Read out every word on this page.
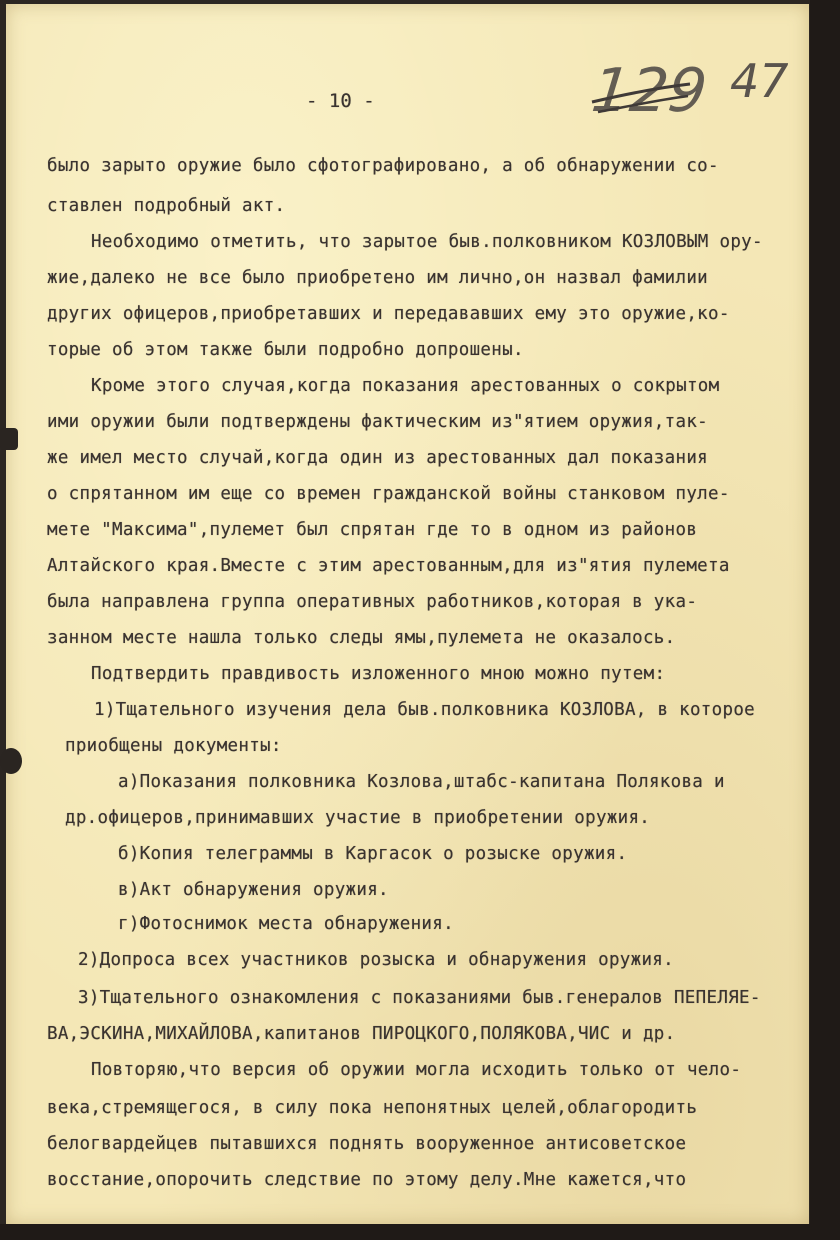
- 10 -	129 47
было зарыто оружие было сфотографировано, а об обнаружении со-
ставлен подробный акт.
Необходимо отметить, что зарытое быв.полковником КОЗЛОВЫМ ору-
жие,далеко не все было приобретено им лично,он назвал фамилии
других офицеров,приобретавших и передававших ему это оружие,ко-
торые об этом также были подробно допрошены.
Кроме этого случая,когда показания арестованных о сокрытом
ими оружии были подтверждены фактическим из"ятием оружия,так-
же имел место случай,когда один из арестованных дал показания
о спрятанном им еще со времен гражданской войны станковом пуле-
мете "Максима",пулемет был спрятан где то в одном из районов
Алтайского края.Вместе с этим арестованным,для из"ятия пулемета
была направлена группа оперативных работников,которая в ука-
занном месте нашла только следы ямы,пулемета не оказалось.
Подтвердить правдивость изложенного мною можно путем:
1)Тщательного изучения дела быв.полковника КОЗЛОВА, в которое
приобщены документы:
а)Показания полковника Козлова,штабс-капитана Полякова и
др.офицеров,принимавших участие в приобретении оружия.
б)Копия телеграммы в Каргасок о розыске оружия.
в)Акт обнаружения оружия.
г)Фотоснимок места обнаружения.
2)Допроса всех участников розыска и обнаружения оружия.
3)Тщательного ознакомления с показаниями быв.генералов ПЕПЕЛЯЕ-
ВА,ЭСКИНА,МИХАЙЛОВА,капитанов ПИРОЦКОГО,ПОЛЯКОВА,ЧИС и др.
Повторяю,что версия об оружии могла исходить только от чело-
века,стремящегося, в силу пока непонятных целей,облагородить
белогвардейцев пытавшихся поднять вооруженное антисоветское
восстание,опорочить следствие по этому делу.Мне кажется,что
